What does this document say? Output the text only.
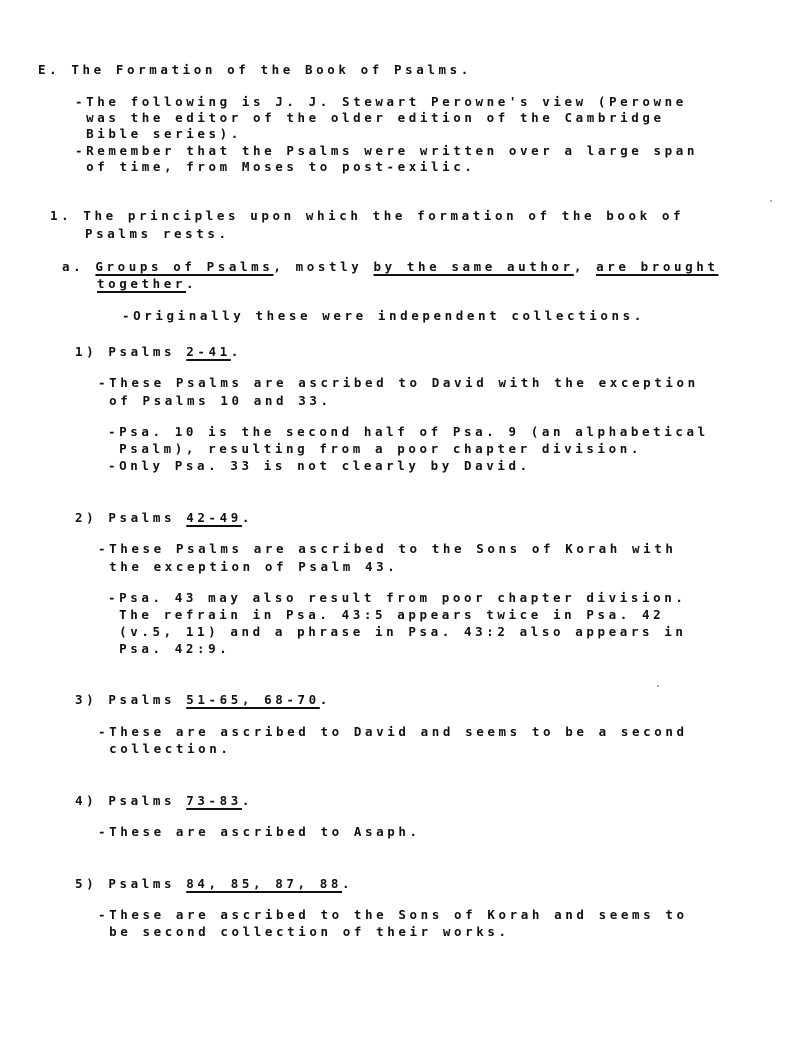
E. The Formation of the Book of Psalms.
-The following is J. J. Stewart Perowne's view (Perowne
was the editor of the older edition of the Cambridge
Bible series).
-Remember that the Psalms were written over a large span
of time, from Moses to post-exilic.
1. The principles upon which the formation of the book of
Psalms rests.
a. Groups of Psalms, mostly by the same author, are brought
together.
-Originally these were independent collections.
1) Psalms 2-41.
-These Psalms are ascribed to David with the exception
of Psalms 10 and 33.
-Psa. 10 is the second half of Psa. 9 (an alphabetical
Psalm), resulting from a poor chapter division.
-Only Psa. 33 is not clearly by David.
2) Psalms 42-49.
-These Psalms are ascribed to the Sons of Korah with
the exception of Psalm 43.
-Psa. 43 may also result from poor chapter division.
The refrain in Psa. 43:5 appears twice in Psa. 42
(v.5, 11) and a phrase in Psa. 43:2 also appears in
Psa. 42:9.
3) Psalms 51-65, 68-70.
-These are ascribed to David and seems to be a second
collection.
4) Psalms 73-83.
-These are ascribed to Asaph.
5) Psalms 84, 85, 87, 88.
-These are ascribed to the Sons of Korah and seems to
be second collection of their works.
